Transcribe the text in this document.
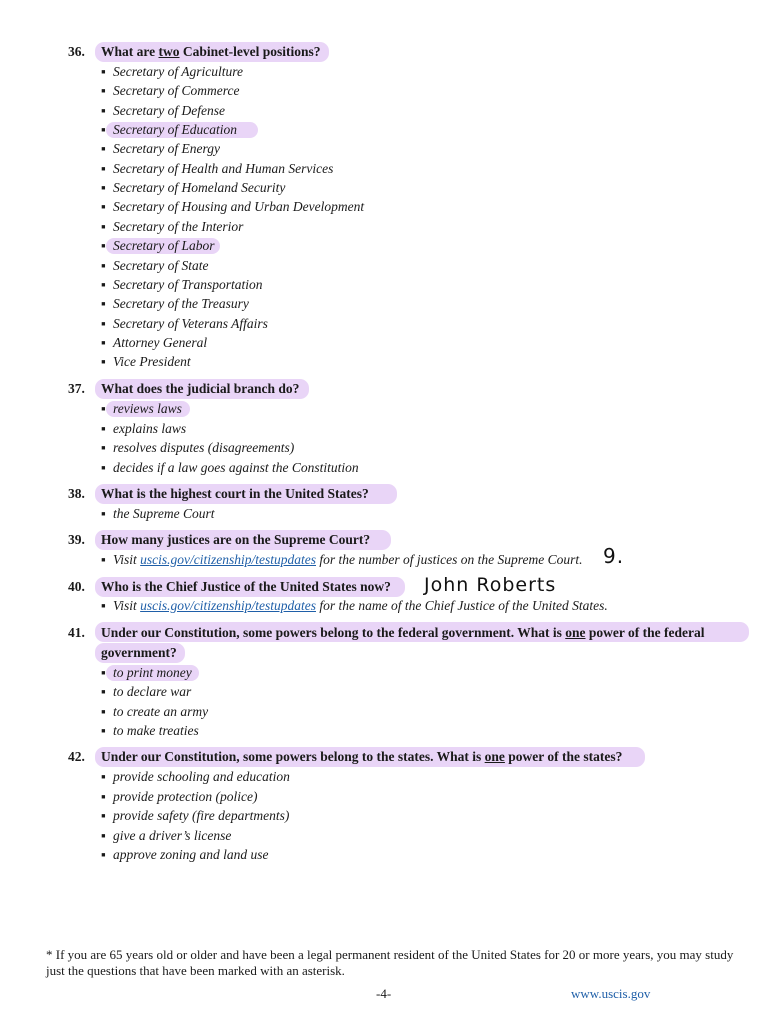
36. What are two Cabinet-level positions?
▪ Secretary of Agriculture
▪ Secretary of Commerce
▪ Secretary of Defense
▪ Secretary of Education
▪ Secretary of Energy
▪ Secretary of Health and Human Services
▪ Secretary of Homeland Security
▪ Secretary of Housing and Urban Development
▪ Secretary of the Interior
▪ Secretary of Labor
▪ Secretary of State
▪ Secretary of Transportation
▪ Secretary of the Treasury
▪ Secretary of Veterans Affairs
▪ Attorney General
▪ Vice President
37. What does the judicial branch do?
▪ reviews laws
▪ explains laws
▪ resolves disputes (disagreements)
▪ decides if a law goes against the Constitution
38. What is the highest court in the United States?
▪ the Supreme Court
39. How many justices are on the Supreme Court?
▪ Visit uscis.gov/citizenship/testupdates for the number of justices on the Supreme Court. 9.
40. Who is the Chief Justice of the United States now?	John Roberts
▪ Visit uscis.gov/citizenship/testupdates for the name of the Chief Justice of the United States.
41. Under our Constitution, some powers belong to the federal government. What is one power of the federal
government?
▪ to print money
▪ to declare war
▪ to create an army
▪ to make treaties
42. Under our Constitution, some powers belong to the states. What is one power of the states?
▪ provide schooling and education
▪ provide protection (police)
▪ provide safety (fire departments)
▪ give a driver’s license
▪ approve zoning and land use
* If you are 65 years old or older and have been a legal permanent resident of the United States for 20 or more years, you may study just the questions that have been marked with an asterisk.
-4-	www.uscis.gov
